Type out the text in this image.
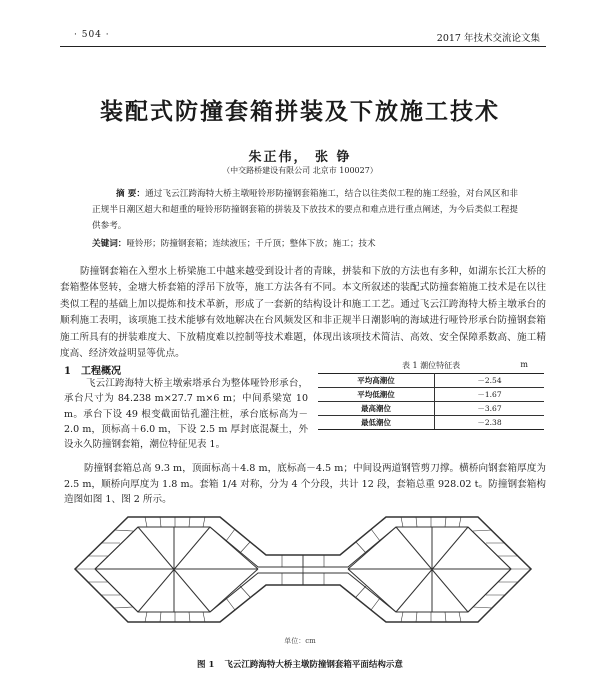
· 504 ·	2017 年技术交流论文集
装配式防撞套箱拼装及下放施工技术
朱正伟， 张 铮
（中交路桥建设有限公司 北京市 100027）
摘 要：通过飞云江跨海特大桥主墩哑铃形防撞钢套箱施工，结合以往类似工程的施工经验，对台风区和非正规半日潮区超大和超重的哑铃形防撞钢套箱的拼装及下放技术的要点和难点进行重点阐述，为今后类似工程提供参考。
关键词：哑铃形；防撞钢套箱；连续液压；千斤顶；整体下放；施工；技术
防撞钢套箱在入塑水上桥梁施工中越来越受到设计者的青睐，拼装和下放的方法也有多种，如湖东长江大桥的套箱整体竖转，金塘大桥套箱的浮吊下放等，施工方法各有不同。本文所叙述的装配式防撞套箱施工技术是在以往类似工程的基础上加以提炼和技术革新，形成了一套新的结构设计和施工工艺。通过飞云江跨海特大桥主墩承台的顺利施工表明，该项施工技术能够有效地解决在台风频发区和非正规半日潮影响的海域进行哑铃形承台防撞钢套箱施工所具有的拼装难度大、下放精度难以控制等技术难题，体现出该项技术简洁、高效、安全保障系数高、施工精度高、经济效益明显等优点。
1 工程概况
飞云江跨海特大桥主墩索塔承台为整体哑铃形承台，承台尺寸为 84.238 m×27.7 m×6 m；中间系梁宽 10 m。承台下设 49 根变截面钻孔灌注桩，承台底标高为－2.0 m，顶标高＋6.0 m，下设 2.5 m 厚封底混凝土，外设永久防撞钢套箱，潮位特征见表 1。
表 1 潮位特征表	m
平均高潮位	－2.54
平均低潮位	－1.67
最高潮位	－3.67
最低潮位	－2.38
防撞钢套箱总高 9.3 m，顶面标高＋4.8 m，底标高－4.5 m；中间设两道钢管剪刀撑。横桥向钢套箱厚度为 2.5 m，顺桥向厚度为 1.8 m。套箱 1/4 对称，分为 4 个分段，共计 12 段，套箱总重 928.02 t。防撞钢套箱构造图如图 1、图 2 所示。
单位：cm
图 1 飞云江跨海特大桥主墩防撞钢套箱平面结构示意
